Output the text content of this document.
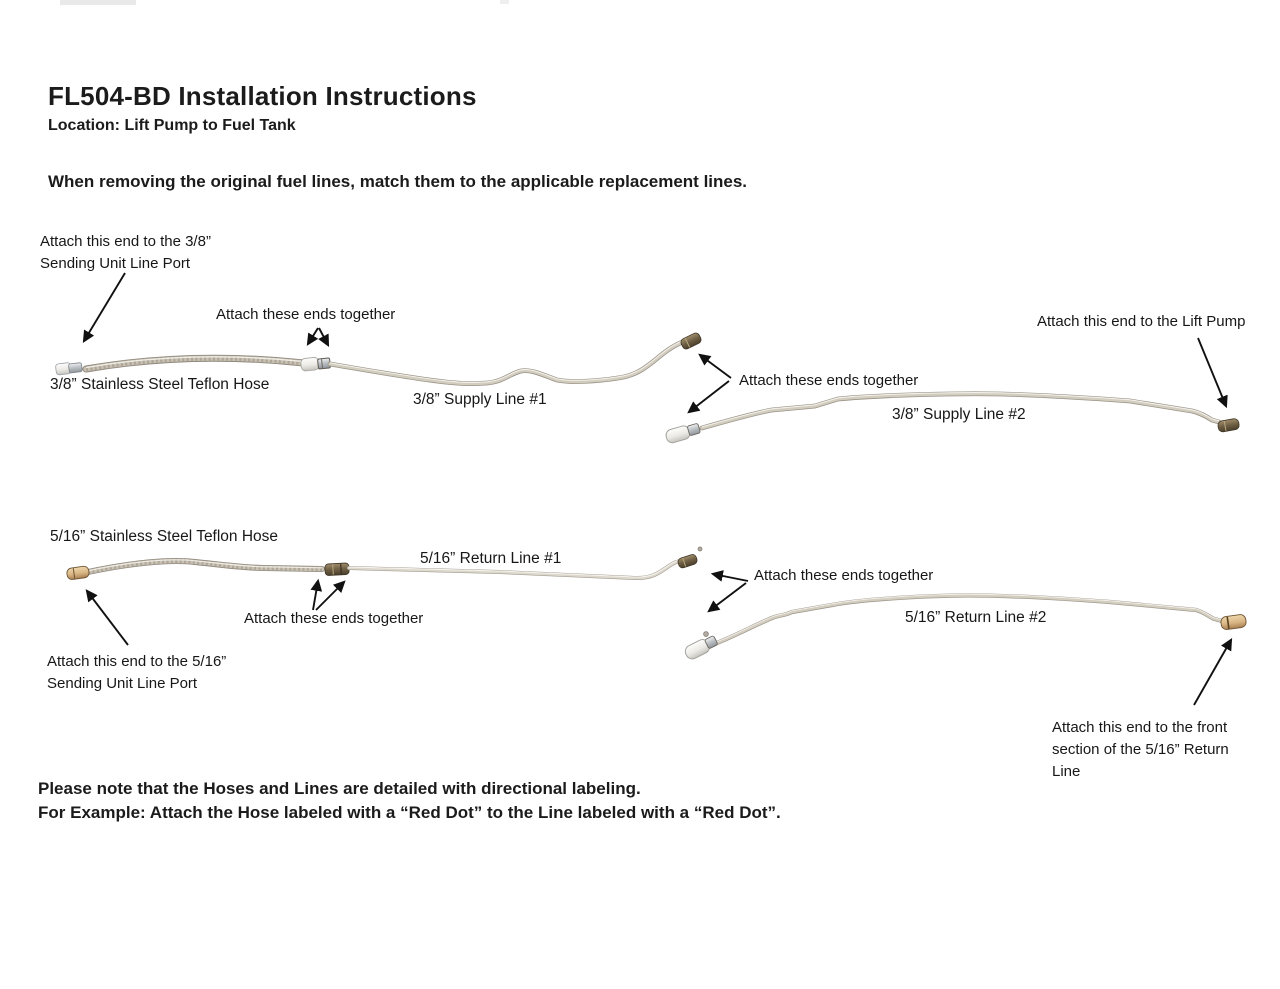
FL504-BD Installation Instructions
Location: Lift Pump to Fuel Tank
When removing the original fuel lines, match them to the applicable replacement lines.
Attach this end to the 3/8”
Sending Unit Line Port
Attach these ends together
3/8” Stainless Steel Teflon Hose
3/8” Supply Line #1
Attach these ends together
3/8” Supply Line #2
Attach this end to the Lift Pump
5/16” Stainless Steel Teflon Hose
5/16” Return Line #1
Attach these ends together
Attach this end to the 5/16”
Sending Unit Line Port
Attach these ends together
5/16” Return Line #2
Attach this end to the front
section of the 5/16” Return
Line
Please note that the Hoses and Lines are detailed with directional labeling.
For Example: Attach the Hose labeled with a “Red Dot” to the Line labeled with a “Red Dot”.
